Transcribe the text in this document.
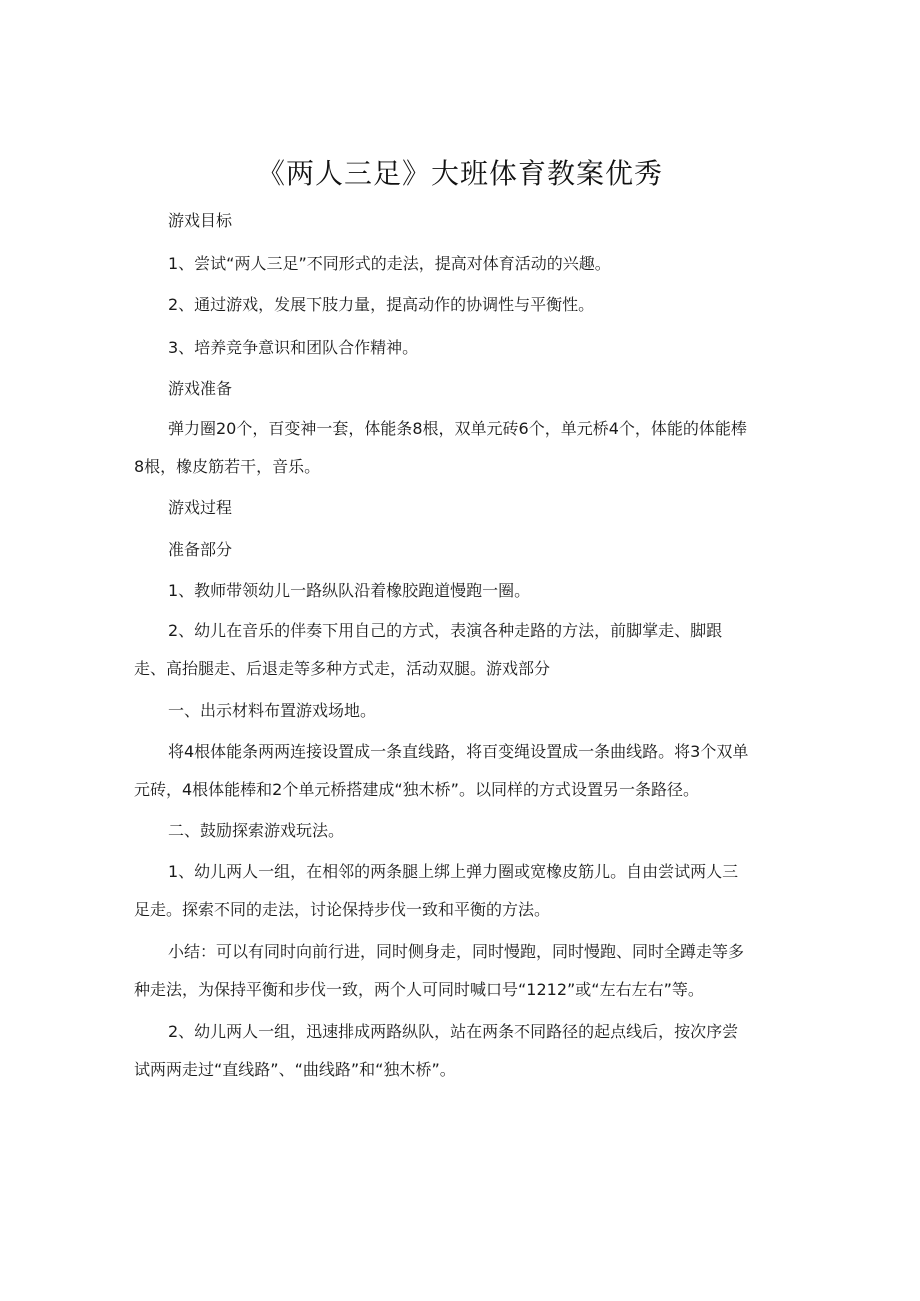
《两人三足》大班体育教案优秀

游戏目标

1、尝试“两人三足”不同形式的走法，提高对体育活动的兴趣。

2、通过游戏，发展下肢力量，提高动作的协调性与平衡性。

3、培养竞争意识和团队合作精神。

游戏准备

弹力圈20个，百变神一套，体能条8根，双单元砖6个，单元桥4个，体能的体能棒
8根，橡皮筋若干，音乐。

游戏过程

准备部分

1、教师带领幼儿一路纵队沿着橡胶跑道慢跑一圈。

2、幼儿在音乐的伴奏下用自己的方式，表演各种走路的方法，前脚掌走、脚跟
走、高抬腿走、后退走等多种方式走，活动双腿。游戏部分

一、出示材料布置游戏场地。

将4根体能条两两连接设置成一条直线路，将百变绳设置成一条曲线路。将3个双单
元砖，4根体能棒和2个单元桥搭建成“独木桥”。以同样的方式设置另一条路径。

二、鼓励探索游戏玩法。

1、幼儿两人一组，在相邻的两条腿上绑上弹力圈或宽橡皮筋儿。自由尝试两人三
足走。探索不同的走法，讨论保持步伐一致和平衡的方法。
小结：可以有同时向前行进，同时侧身走，同时慢跑，同时慢跑、同时全蹲走等多
种走法，为保持平衡和步伐一致，两个人可同时喊口号“1212”或“左右左右”等。
2、幼儿两人一组，迅速排成两路纵队，站在两条不同路径的起点线后，按次序尝
试两两走过“直线路”、“曲线路”和“独木桥”。
